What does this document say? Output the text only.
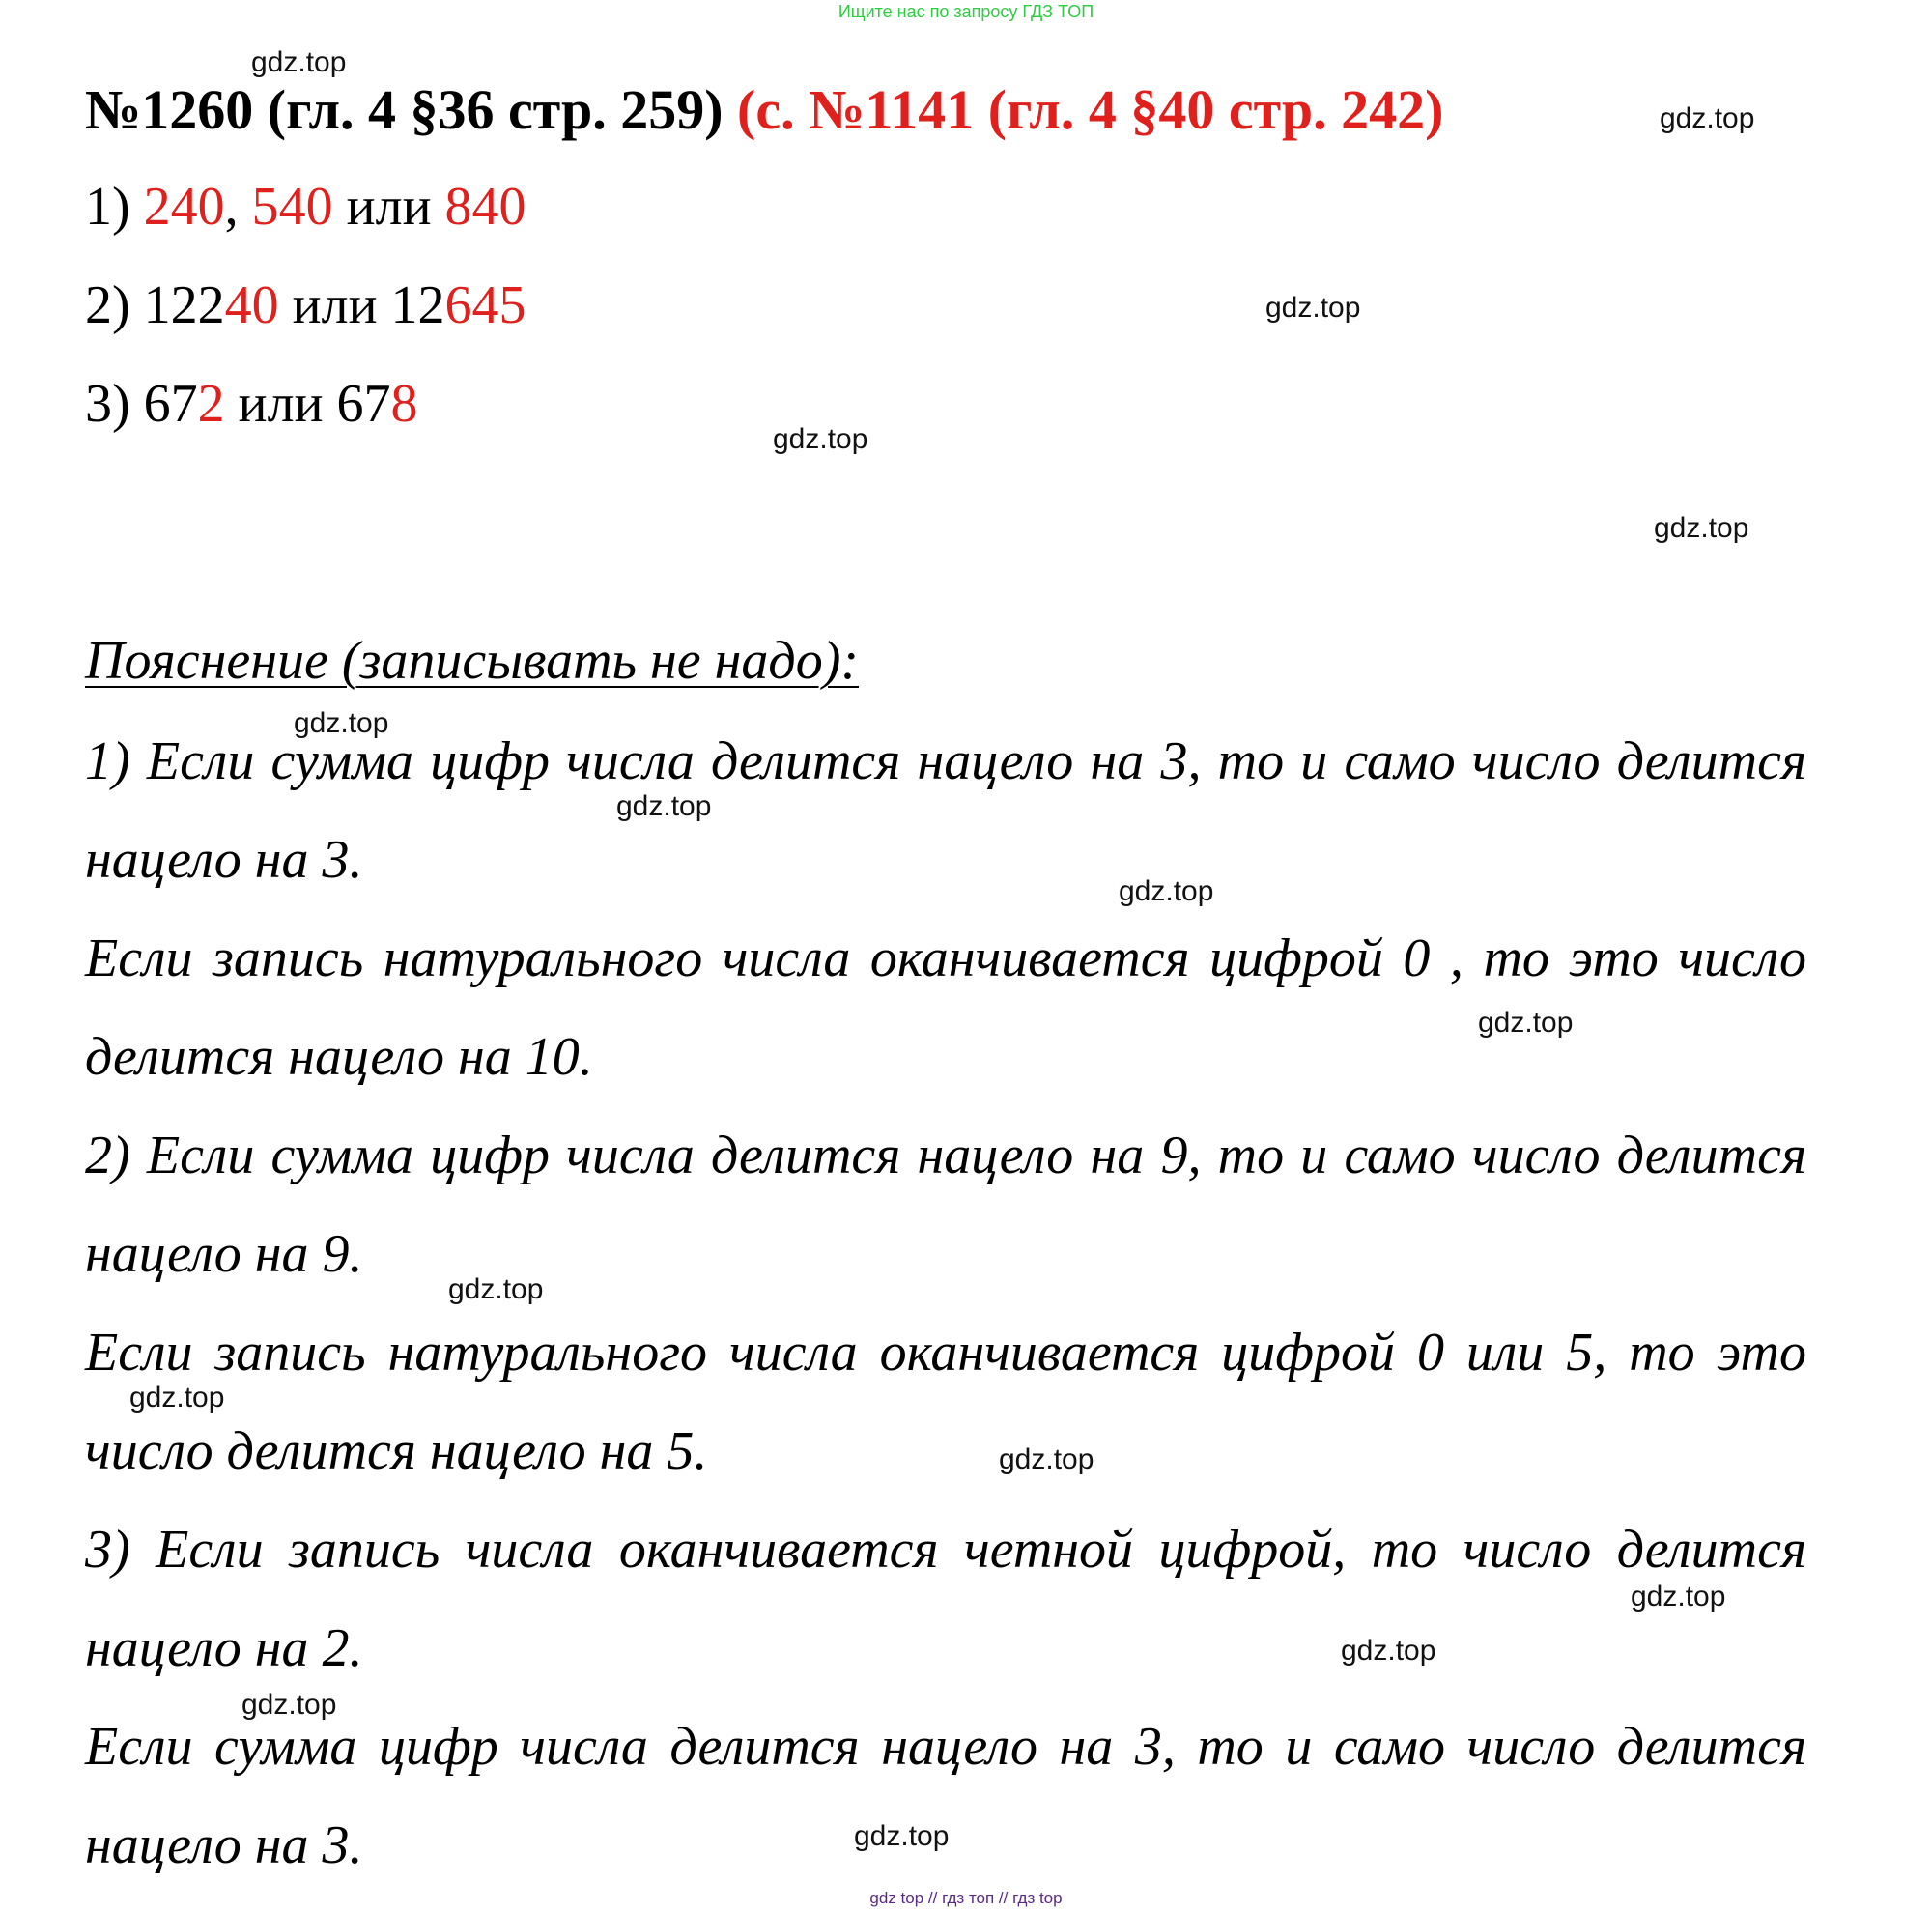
Ищите нас по запросу ГДЗ ТОП
№1260 (гл. 4 §36 стр. 259) (с. №1141 (гл. 4 §40 стр. 242)
1) 240, 540 или 840
2) 12240 или 12645
3) 672 или 678
Пояснение (записывать не надо):
1) Если сумма цифр числа делится нацело на 3, то и само число делится
нацело на 3.
Если запись натурального числа оканчивается цифрой 0 , то это число
делится нацело на 10.
2) Если сумма цифр числа делится нацело на 9, то и само число делится
нацело на 9.
Если запись натурального числа оканчивается цифрой 0 или 5, то это
число делится нацело на 5.
3) Если запись числа оканчивается четной цифрой, то число делится
нацело на 2.
Если сумма цифр числа делится нацело на 3, то и само число делится
нацело на 3.
gdz.top
gdz.top
gdz.top
gdz.top
gdz.top
gdz.top
gdz.top
gdz.top
gdz.top
gdz.top
gdz.top
gdz.top
gdz.top
gdz.top
gdz.top
gdz.top
gdz top // гдз топ // гдз top
